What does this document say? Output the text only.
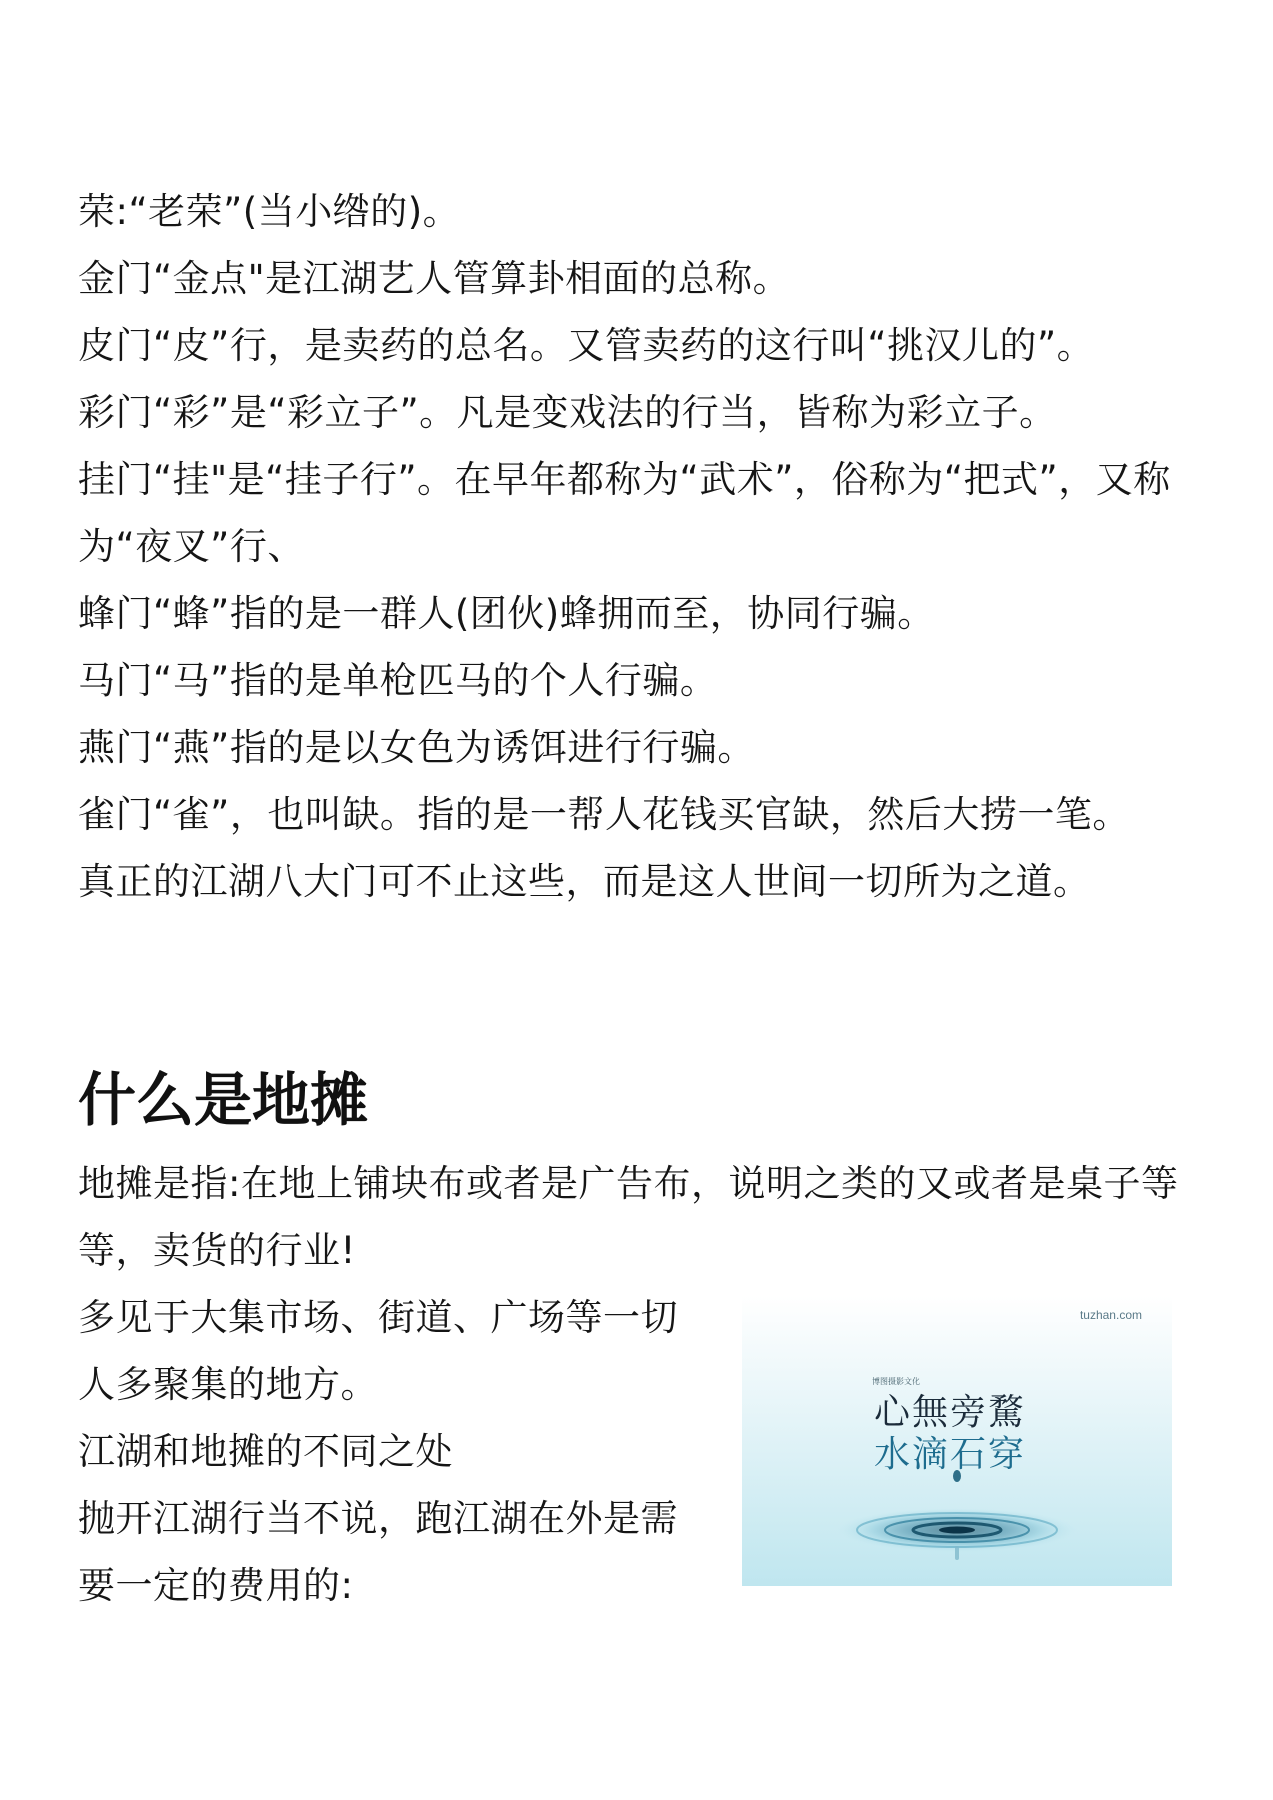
荣:“老荣”(当小绺的)。
金门“金点"是江湖艺人管算卦相面的总称。
皮门“皮”行，是卖药的总名。又管卖药的这行叫“挑汉儿的”。
彩门“彩”是“彩立子”。凡是变戏法的行当，皆称为彩立子。
挂门“挂"是“挂子行”。在早年都称为“武术”，俗称为“把式”，又称
为“夜叉”行、
蜂门“蜂”指的是一群人(团伙)蜂拥而至，协同行骗。
马门“马”指的是单枪匹马的个人行骗。
燕门“燕”指的是以女色为诱饵进行行骗。
雀门“雀”，也叫缺。指的是一帮人花钱买官缺，然后大捞一笔。
真正的江湖八大门可不止这些，而是这人世间一切所为之道。
什么是地摊
地摊是指:在地上铺块布或者是广告布，说明之类的又或者是桌子等
等，卖货的行业!
多见于大集市场、街道、广场等一切
人多聚集的地方。
江湖和地摊的不同之处
抛开江湖行当不说，跑江湖在外是需
要一定的费用的:
tuzhan.com
博图摄影文化
心無旁騖
水滴石穿
